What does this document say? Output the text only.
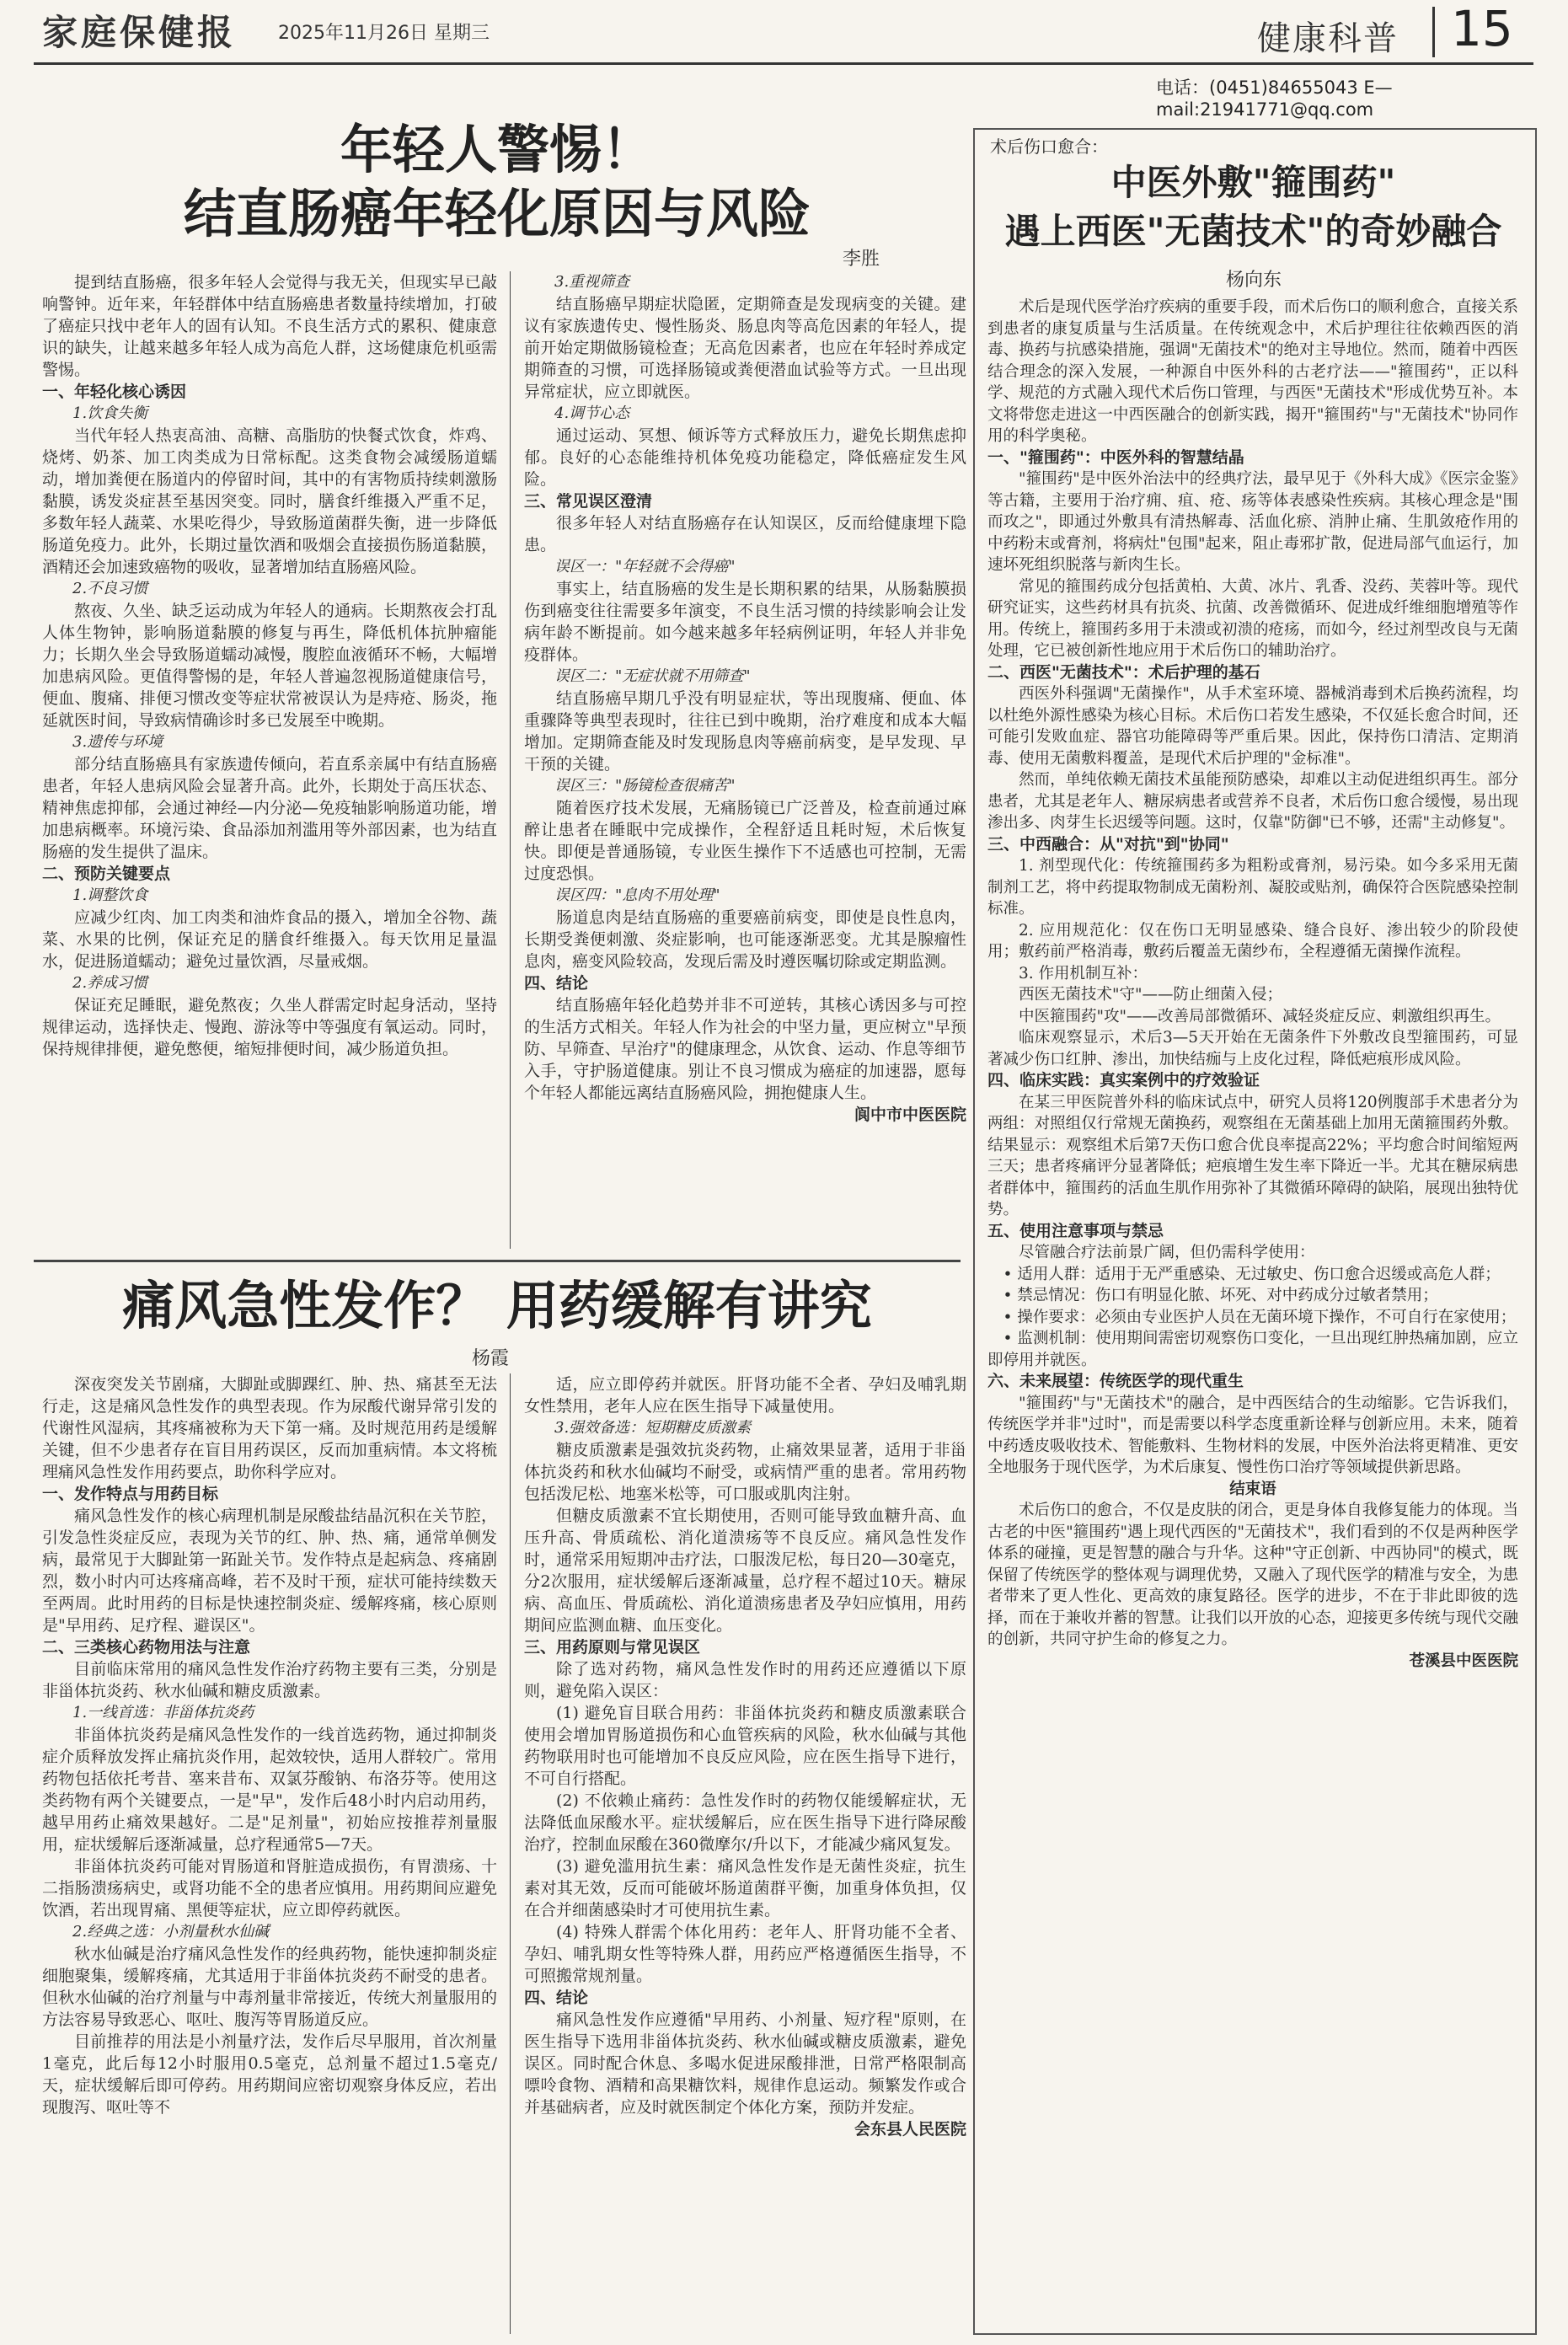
家庭保健报 2025年11月26日 星期三	健康科普 15
电话：(0451)84655043 E—mail:21941771@qq.com
年轻人警惕！
结直肠癌年轻化原因与风险
李胜

提到结直肠癌，很多年轻人会觉得与我无关，但现实早已敲响警钟。近年来，年轻群体中结直肠癌患者数量持续增加，打破了癌症只找中老年人的固有认知。不良生活方式的累积、健康意识的缺失，让越来越多年轻人成为高危人群，这场健康危机亟需警惕。

一、年轻化核心诱因
1.饮食失衡

当代年轻人热衷高油、高糖、高脂肪的快餐式饮食，炸鸡、烧烤、奶茶、加工肉类成为日常标配。这类食物会减缓肠道蠕动，增加粪便在肠道内的停留时间，其中的有害物质持续刺激肠黏膜，诱发炎症甚至基因突变。同时，膳食纤维摄入严重不足，多数年轻人蔬菜、水果吃得少，导致肠道菌群失衡，进一步降低肠道免疫力。此外，长期过量饮酒和吸烟会直接损伤肠道黏膜，酒精还会加速致癌物的吸收，显著增加结直肠癌风险。

2.不良习惯

熬夜、久坐、缺乏运动成为年轻人的通病。长期熬夜会打乱人体生物钟，影响肠道黏膜的修复与再生，降低机体抗肿瘤能力；长期久坐会导致肠道蠕动减慢，腹腔血液循环不畅，大幅增加患病风险。更值得警惕的是，年轻人普遍忽视肠道健康信号，便血、腹痛、排便习惯改变等症状常被误认为是痔疮、肠炎，拖延就医时间，导致病情确诊时多已发展至中晚期。

3.遗传与环境

部分结直肠癌具有家族遗传倾向，若直系亲属中有结直肠癌患者，年轻人患病风险会显著升高。此外，长期处于高压状态、精神焦虑抑郁，会通过神经—内分泌—免疫轴影响肠道功能，增加患病概率。环境污染、食品添加剂滥用等外部因素，也为结直肠癌的发生提供了温床。

二、预防关键要点
1.调整饮食

应减少红肉、加工肉类和油炸食品的摄入，增加全谷物、蔬菜、水果的比例，保证充足的膳食纤维摄入。每天饮用足量温水，促进肠道蠕动；避免过量饮酒，尽量戒烟。

2.养成习惯

保证充足睡眠，避免熬夜；久坐人群需定时起身活动，坚持规律运动，选择快走、慢跑、游泳等中等强度有氧运动。同时，保持规律排便，避免憋便，缩短排便时间，减少肠道负担。

3.重视筛查

结直肠癌早期症状隐匿，定期筛查是发现病变的关键。建议有家族遗传史、慢性肠炎、肠息肉等高危因素的年轻人，提前开始定期做肠镜检查；无高危因素者，也应在年轻时养成定期筛查的习惯，可选择肠镜或粪便潜血试验等方式。一旦出现异常症状，应立即就医。

4.调节心态

通过运动、冥想、倾诉等方式释放压力，避免长期焦虑抑郁。良好的心态能维持机体免疫功能稳定，降低癌症发生风险。

三、常见误区澄清

很多年轻人对结直肠癌存在认知误区，反而给健康埋下隐患。

误区一："年轻就不会得癌"

事实上，结直肠癌的发生是长期积累的结果，从肠黏膜损伤到癌变往往需要多年演变，不良生活习惯的持续影响会让发病年龄不断提前。如今越来越多年轻病例证明，年轻人并非免疫群体。

误区二："无症状就不用筛查"

结直肠癌早期几乎没有明显症状，等出现腹痛、便血、体重骤降等典型表现时，往往已到中晚期，治疗难度和成本大幅增加。定期筛查能及时发现肠息肉等癌前病变，是早发现、早干预的关键。

误区三："肠镜检查很痛苦"

随着医疗技术发展，无痛肠镜已广泛普及，检查前通过麻醉让患者在睡眠中完成操作，全程舒适且耗时短，术后恢复快。即便是普通肠镜，专业医生操作下不适感也可控制，无需过度恐惧。

误区四："息肉不用处理"

肠道息肉是结直肠癌的重要癌前病变，即使是良性息肉，长期受粪便刺激、炎症影响，也可能逐渐恶变。尤其是腺瘤性息肉，癌变风险较高，发现后需及时遵医嘱切除或定期监测。

四、结论

结直肠癌年轻化趋势并非不可逆转，其核心诱因多与可控的生活方式相关。年轻人作为社会的中坚力量，更应树立"早预防、早筛查、早治疗"的健康理念，从饮食、运动、作息等细节入手，守护肠道健康。别让不良习惯成为癌症的加速器，愿每个年轻人都能远离结直肠癌风险，拥抱健康人生。

阆中市中医医院
痛风急性发作？ 用药缓解有讲究
杨霞

深夜突发关节剧痛，大脚趾或脚踝红、肿、热、痛甚至无法行走，这是痛风急性发作的典型表现。作为尿酸代谢异常引发的代谢性风湿病，其疼痛被称为天下第一痛。及时规范用药是缓解关键，但不少患者存在盲目用药误区，反而加重病情。本文将梳理痛风急性发作用药要点，助你科学应对。

一、发作特点与用药目标

痛风急性发作的核心病理机制是尿酸盐结晶沉积在关节腔，引发急性炎症反应，表现为关节的红、肿、热、痛，通常单侧发病，最常见于大脚趾第一跖趾关节。发作特点是起病急、疼痛剧烈，数小时内可达疼痛高峰，若不及时干预，症状可能持续数天至两周。此时用药的目标是快速控制炎症、缓解疼痛，核心原则是"早用药、足疗程、避误区"。

二、三类核心药物用法与注意

目前临床常用的痛风急性发作治疗药物主要有三类，分别是非甾体抗炎药、秋水仙碱和糖皮质激素。

1.一线首选：非甾体抗炎药

非甾体抗炎药是痛风急性发作的一线首选药物，通过抑制炎症介质释放发挥止痛抗炎作用，起效较快，适用人群较广。常用药物包括依托考昔、塞来昔布、双氯芬酸钠、布洛芬等。使用这类药物有两个关键要点，一是"早"，发作后48小时内启动用药，越早用药止痛效果越好。二是"足剂量"，初始应按推荐剂量服用，症状缓解后逐渐减量，总疗程通常5—7天。

非甾体抗炎药可能对胃肠道和肾脏造成损伤，有胃溃疡、十二指肠溃疡病史，或肾功能不全的患者应慎用。用药期间应避免饮酒，若出现胃痛、黑便等症状，应立即停药就医。

2.经典之选：小剂量秋水仙碱

秋水仙碱是治疗痛风急性发作的经典药物，能快速抑制炎症细胞聚集，缓解疼痛，尤其适用于非甾体抗炎药不耐受的患者。但秋水仙碱的治疗剂量与中毒剂量非常接近，传统大剂量服用的方法容易导致恶心、呕吐、腹泻等胃肠道反应。

目前推荐的用法是小剂量疗法，发作后尽早服用，首次剂量1毫克，此后每12小时服用0.5毫克，总剂量不超过1.5毫克/天，症状缓解后即可停药。用药期间应密切观察身体反应，若出现腹泻、呕吐等不

适，应立即停药并就医。肝肾功能不全者、孕妇及哺乳期女性禁用，老年人应在医生指导下减量使用。

3.强效备选：短期糖皮质激素

糖皮质激素是强效抗炎药物，止痛效果显著，适用于非甾体抗炎药和秋水仙碱均不耐受，或病情严重的患者。常用药物包括泼尼松、地塞米松等，可口服或肌肉注射。

但糖皮质激素不宜长期使用，否则可能导致血糖升高、血压升高、骨质疏松、消化道溃疡等不良反应。痛风急性发作时，通常采用短期冲击疗法，口服泼尼松，每日20—30毫克，分2次服用，症状缓解后逐渐减量，总疗程不超过10天。糖尿病、高血压、骨质疏松、消化道溃疡患者及孕妇应慎用，用药期间应监测血糖、血压变化。

三、用药原则与常见误区

除了选对药物，痛风急性发作时的用药还应遵循以下原则，避免陷入误区：

(1) 避免盲目联合用药：非甾体抗炎药和糖皮质激素联合使用会增加胃肠道损伤和心血管疾病的风险，秋水仙碱与其他药物联用时也可能增加不良反应风险，应在医生指导下进行，不可自行搭配。

(2) 不依赖止痛药：急性发作时的药物仅能缓解症状，无法降低血尿酸水平。症状缓解后，应在医生指导下进行降尿酸治疗，控制血尿酸在360微摩尔/升以下，才能减少痛风复发。

(3) 避免滥用抗生素：痛风急性发作是无菌性炎症，抗生素对其无效，反而可能破坏肠道菌群平衡，加重身体负担，仅在合并细菌感染时才可使用抗生素。

(4) 特殊人群需个体化用药：老年人、肝肾功能不全者、孕妇、哺乳期女性等特殊人群，用药应严格遵循医生指导，不可照搬常规剂量。

四、结论

痛风急性发作应遵循"早用药、小剂量、短疗程"原则，在医生指导下选用非甾体抗炎药、秋水仙碱或糖皮质激素，避免误区。同时配合休息、多喝水促进尿酸排泄，日常严格限制高嘌呤食物、酒精和高果糖饮料，规律作息运动。频繁发作或合并基础病者，应及时就医制定个体化方案，预防并发症。

会东县人民医院
术后伤口愈合：
中医外敷"箍围药"
遇上西医"无菌技术"的奇妙融合
杨向东

术后是现代医学治疗疾病的重要手段，而术后伤口的顺利愈合，直接关系到患者的康复质量与生活质量。在传统观念中，术后护理往往依赖西医的消毒、换药与抗感染措施，强调"无菌技术"的绝对主导地位。然而，随着中西医结合理念的深入发展，一种源自中医外科的古老疗法——"箍围药"，正以科学、规范的方式融入现代术后伤口管理，与西医"无菌技术"形成优势互补。本文将带您走进这一中西医融合的创新实践，揭开"箍围药"与"无菌技术"协同作用的科学奥秘。

一、"箍围药"：中医外科的智慧结晶

"箍围药"是中医外治法中的经典疗法，最早见于《外科大成》《医宗金鉴》等古籍，主要用于治疗痈、疽、疮、疡等体表感染性疾病。其核心理念是"围而攻之"，即通过外敷具有清热解毒、活血化瘀、消肿止痛、生肌敛疮作用的中药粉末或膏剂，将病灶"包围"起来，阻止毒邪扩散，促进局部气血运行，加速坏死组织脱落与新肉生长。

常见的箍围药成分包括黄柏、大黄、冰片、乳香、没药、芙蓉叶等。现代研究证实，这些药材具有抗炎、抗菌、改善微循环、促进成纤维细胞增殖等作用。传统上，箍围药多用于未溃或初溃的疮疡，而如今，经过剂型改良与无菌处理，它已被创新性地应用于术后伤口的辅助治疗。

二、西医"无菌技术"：术后护理的基石

西医外科强调"无菌操作"，从手术室环境、器械消毒到术后换药流程，均以杜绝外源性感染为核心目标。术后伤口若发生感染，不仅延长愈合时间，还可能引发败血症、器官功能障碍等严重后果。因此，保持伤口清洁、定期消毒、使用无菌敷料覆盖，是现代术后护理的"金标准"。

然而，单纯依赖无菌技术虽能预防感染，却难以主动促进组织再生。部分患者，尤其是老年人、糖尿病患者或营养不良者，术后伤口愈合缓慢，易出现渗出多、肉芽生长迟缓等问题。这时，仅靠"防御"已不够，还需"主动修复"。

三、中西融合：从"对抗"到"协同"

1. 剂型现代化：传统箍围药多为粗粉或膏剂，易污染。如今多采用无菌制剂工艺，将中药提取物制成无菌粉剂、凝胶或贴剂，确保符合医院感染控制标准。

2. 应用规范化：仅在伤口无明显感染、缝合良好、渗出较少的阶段使用；敷药前严格消毒，敷药后覆盖无菌纱布，全程遵循无菌操作流程。

3. 作用机制互补：

西医无菌技术"守"——防止细菌入侵；

中医箍围药"攻"——改善局部微循环、减轻炎症反应、刺激组织再生。

临床观察显示，术后3—5天开始在无菌条件下外敷改良型箍围药，可显著减少伤口红肿、渗出，加快结痂与上皮化过程，降低疤痕形成风险。

四、临床实践：真实案例中的疗效验证

在某三甲医院普外科的临床试点中，研究人员将120例腹部手术患者分为两组：对照组仅行常规无菌换药，观察组在无菌基础上加用无菌箍围药外敷。结果显示：观察组术后第7天伤口愈合优良率提高22%；平均愈合时间缩短两三天；患者疼痛评分显著降低；疤痕增生发生率下降近一半。尤其在糖尿病患者群体中，箍围药的活血生肌作用弥补了其微循环障碍的缺陷，展现出独特优势。

五、使用注意事项与禁忌

尽管融合疗法前景广阔，但仍需科学使用：

• 适用人群：适用于无严重感染、无过敏史、伤口愈合迟缓或高危人群；
• 禁忌情况：伤口有明显化脓、坏死、对中药成分过敏者禁用；
• 操作要求：必须由专业医护人员在无菌环境下操作，不可自行在家使用；
• 监测机制：使用期间需密切观察伤口变化，一旦出现红肿热痛加剧，应立即停用并就医。
六、未来展望：传统医学的现代重生

"箍围药"与"无菌技术"的融合，是中西医结合的生动缩影。它告诉我们，传统医学并非"过时"，而是需要以科学态度重新诠释与创新应用。未来，随着中药透皮吸收技术、智能敷料、生物材料的发展，中医外治法将更精准、更安全地服务于现代医学，为术后康复、慢性伤口治疗等领域提供新思路。

结束语

术后伤口的愈合，不仅是皮肤的闭合，更是身体自我修复能力的体现。当古老的中医"箍围药"遇上现代西医的"无菌技术"，我们看到的不仅是两种医学体系的碰撞，更是智慧的融合与升华。这种"守正创新、中西协同"的模式，既保留了传统医学的整体观与调理优势，又融入了现代医学的精准与安全，为患者带来了更人性化、更高效的康复路径。医学的进步，不在于非此即彼的选择，而在于兼收并蓄的智慧。让我们以开放的心态，迎接更多传统与现代交融的创新，共同守护生命的修复之力。

苍溪县中医医院
